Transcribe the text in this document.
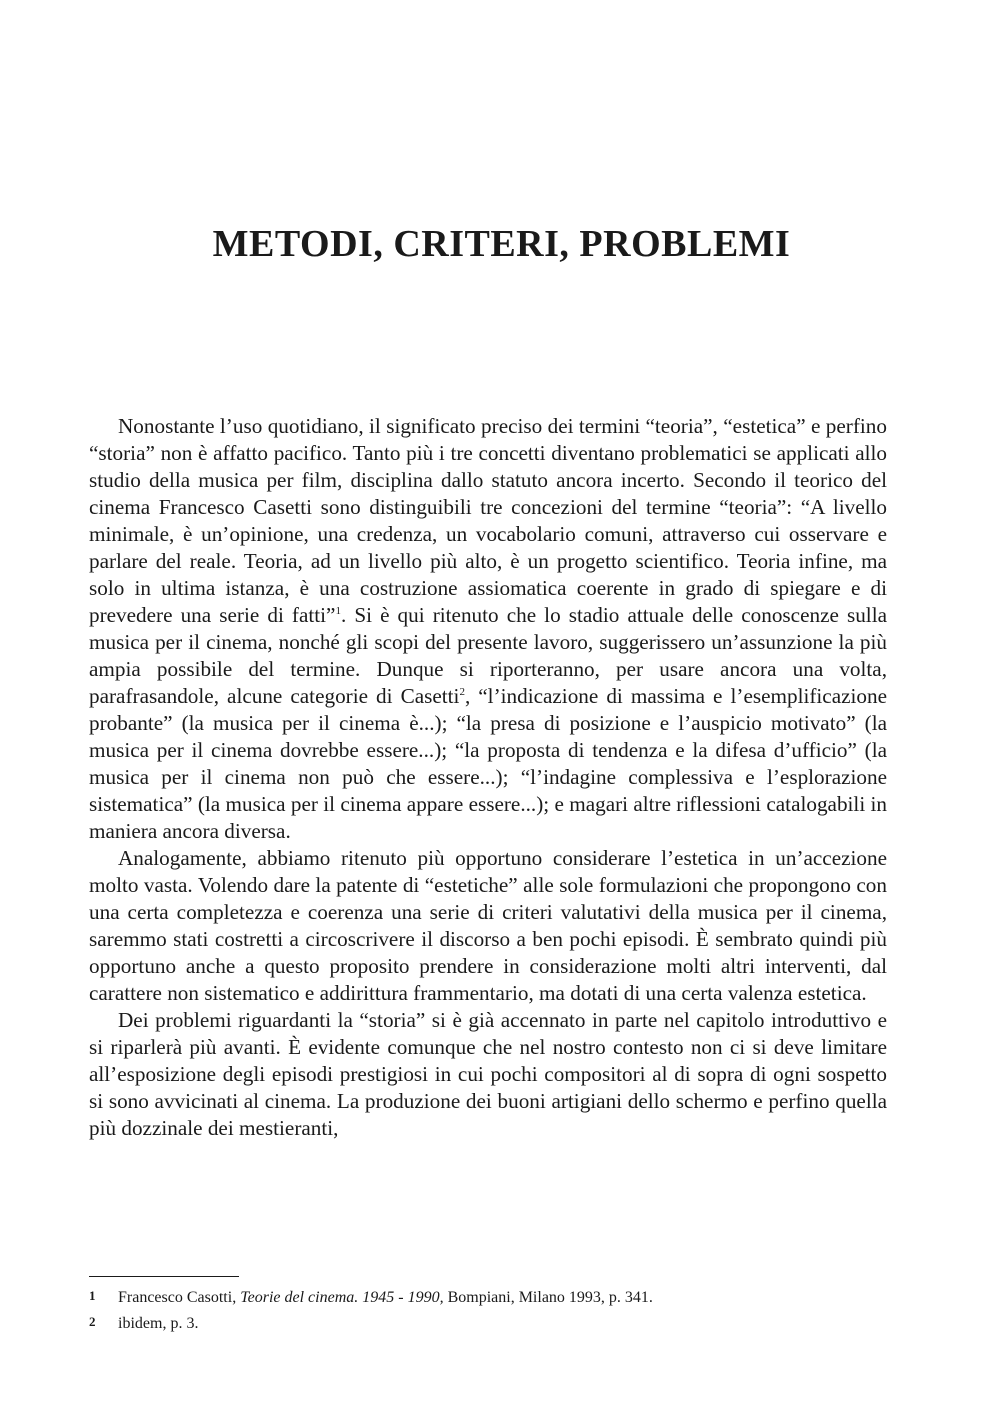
METODI, CRITERI, PROBLEMI

Nonostante l’uso quotidiano, il significato preciso dei termini “teoria”, “estetica” e perfino “storia” non è affatto pacifico. Tanto più i tre concetti diventano problematici se applicati allo studio della musica per film, disciplina dallo statuto ancora incerto. Secondo il teorico del cinema Francesco Casetti sono distinguibili tre concezioni del termine “teoria”: “A livello minimale, è un’opinione, una credenza, un vocabolario comuni, attraverso cui osservare e parlare del reale. Teoria, ad un livello più alto, è un progetto scientifico. Teoria infine, ma solo in ultima istanza, è una costruzione assiomatica coerente in grado di spiegare e di prevedere una serie di fatti”$^1$. Si è qui ritenuto che lo stadio attuale delle conoscenze sulla musica per il cinema, nonché gli scopi del presente lavoro, suggerissero un’assunzione la più ampia possibile del termine. Dunque si riporteranno, per usare ancora una volta, parafrasandole, alcune categorie di Casetti$^2$, “l’indicazione di massima e l’esemplificazione probante” (la musica per il cinema è...); “la presa di posizione e l’auspicio motivato” (la musica per il cinema dovrebbe essere...); “la proposta di tendenza e la difesa d’ufficio” (la musica per il cinema non può che essere...); “l’indagine complessiva e l’esplorazione sistematica” (la musica per il cinema appare essere...); e magari altre riflessioni catalogabili in maniera ancora diversa.

Analogamente, abbiamo ritenuto più opportuno considerare l’estetica in un’accezione molto vasta. Volendo dare la patente di “estetiche” alle sole formulazioni che propongono con una certa completezza e coerenza una serie di criteri valutativi della musica per il cinema, saremmo stati costretti a circoscrivere il discorso a ben pochi episodi. È sembrato quindi più opportuno anche a questo proposito prendere in considerazione molti altri interventi, dal carattere non sistematico e addirittura frammentario, ma dotati di una certa valenza estetica.

Dei problemi riguardanti la “storia” si è già accennato in parte nel capitolo introduttivo e si riparlerà più avanti. È evidente comunque che nel nostro contesto non ci si deve limitare all’esposizione degli episodi prestigiosi in cui pochi compositori al di sopra di ogni sospetto si sono avvicinati al cinema. La produzione dei buoni artigiani dello schermo e perfino quella più dozzinale dei mestieranti,

1	Francesco Casotti, Teorie del cinema. 1945 - 1990, Bompiani, Milano 1993, p. 341.
2	ibidem, p. 3.
